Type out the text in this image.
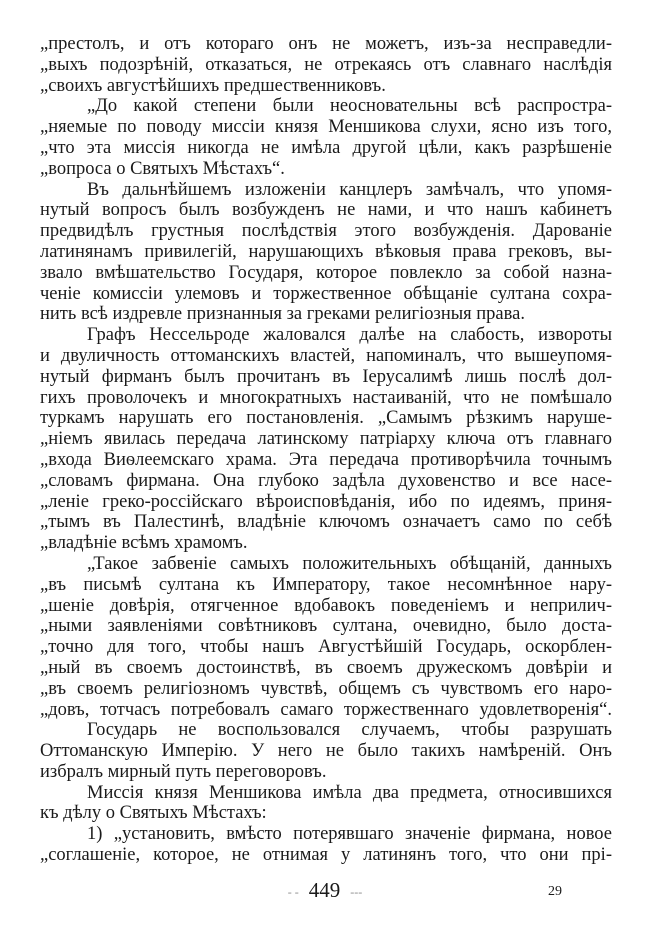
„престолъ, и отъ котораго онъ не можетъ, изъ-за несправедли-
„выхъ подозрѣній, отказаться, не отрекаясь отъ славнаго наслѣдія
„своихъ августѣйшихъ предшественниковъ.
„До какой степени были неосновательны всѣ распростра-
„няемые по поводу миссіи князя Меншикова слухи, ясно изъ того,
„что эта миссія никогда не имѣла другой цѣли, какъ разрѣшеніе
„вопроса о Святыхъ Мѣстахъ“.
Въ дальнѣйшемъ изложеніи канцлеръ замѣчалъ, что упомя-
нутый вопросъ былъ возбужденъ не нами, и что нашъ кабинетъ
предвидѣлъ грустныя послѣдствія этого возбужденія. Дарованіе
латинянамъ привилегій, нарушающихъ вѣковыя права грековъ, вы-
звало вмѣшательство Государя, которое повлекло за собой назна-
ченіе комиссіи улемовъ и торжественное обѣщаніе султана сохра-
нить всѣ издревле признанныя за греками религіозныя права.
Графъ Нессельроде жаловался далѣе на слабость, извороты
и двуличность оттоманскихъ властей, напоминалъ, что вышеупомя-
нутый фирманъ былъ прочитанъ въ Іерусалимѣ лишь послѣ дол-
гихъ проволочекъ и многократныхъ настаиваній, что не помѣшало
туркамъ нарушать его постановленія. „Самымъ рѣзкимъ наруше-
„ніемъ явилась передача латинскому патріарху ключа отъ главнаго
„входа Виѳлеемскаго храма. Эта передача противорѣчила точнымъ
„словамъ фирмана. Она глубоко задѣла духовенство и все насе-
„леніе греко-россійскаго вѣроисповѣданія, ибо по идеямъ, приня-
„тымъ въ Палестинѣ, владѣніе ключомъ означаетъ само по себѣ
„владѣніе всѣмъ храмомъ.
„Такое забвеніе самыхъ положительныхъ обѣщаній, данныхъ
„въ письмѣ султана къ Императору, такое несомнѣнное нару-
„шеніе довѣрія, отягченное вдобавокъ поведеніемъ и неприлич-
„ными заявленіями совѣтниковъ султана, очевидно, было доста-
„точно для того, чтобы нашъ Августѣйшій Государь, оскорблен-
„ный въ своемъ достоинствѣ, въ своемъ дружескомъ довѣріи и
„въ своемъ религіозномъ чувствѣ, общемъ съ чувствомъ его наро-
„довъ, тотчасъ потребовалъ самаго торжественнаго удовлетворенія“.
Государь не воспользовался случаемъ, чтобы разрушать
Оттоманскую Имперію. У него не было такихъ намѣреній. Онъ
избралъ мирный путь переговоровъ.
Миссія князя Меншикова имѣла два предмета, относившихся
къ дѣлу о Святыхъ Мѣстахъ:
1) „установить, вмѣсто потерявшаго значеніе фирмана, новое
„соглашеніе, которое, не отнимая у латинянъ того, что они прі-
- - 449 ---	29
